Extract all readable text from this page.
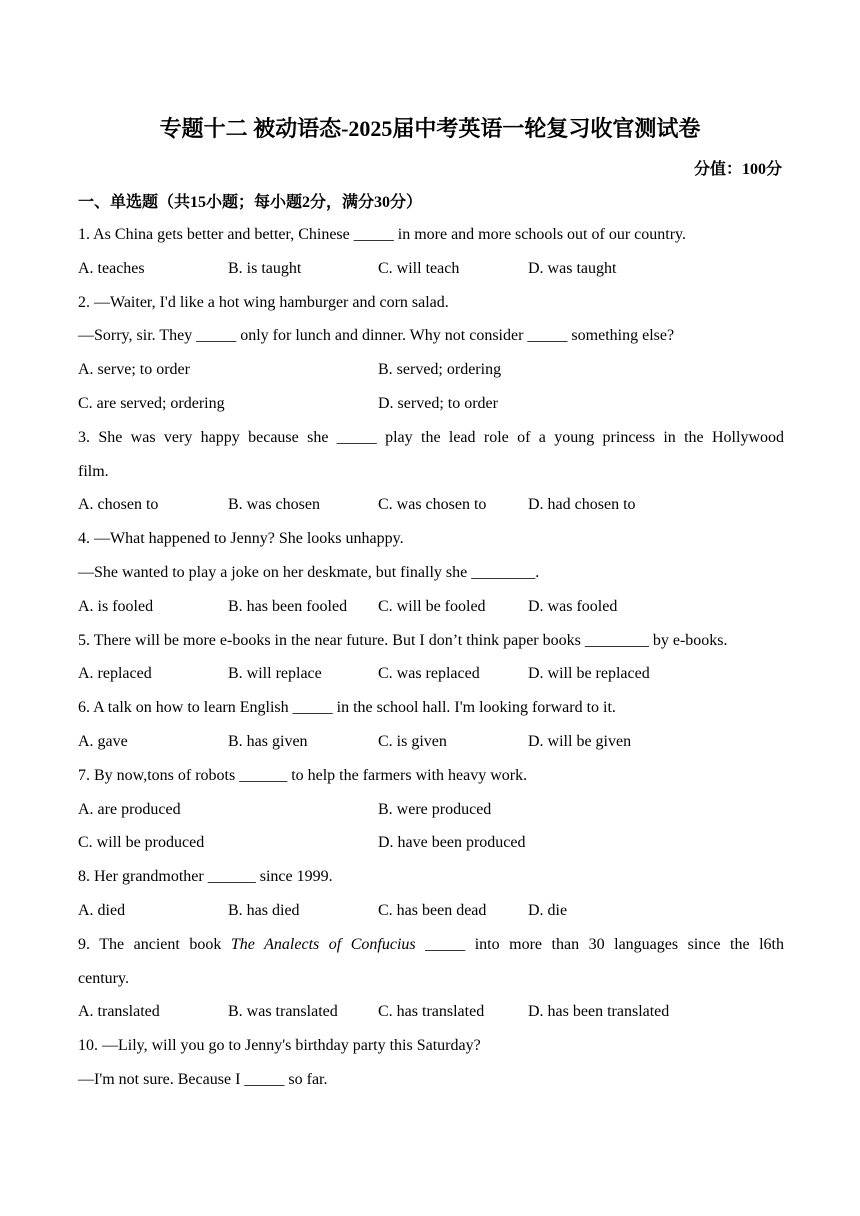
专题十二 被动语态-2025届中考英语一轮复习收官测试卷
分值：100分
一、单选题（共15小题；每小题2分，满分30分）
1. As China gets better and better, Chinese _____ in more and more schools out of our country.
A. teaches	B. is taught	C. will teach	D. was taught
2. —Waiter, I'd like a hot wing hamburger and corn salad.
—Sorry, sir. They _____ only for lunch and dinner. Why not consider _____ something else?
A. serve; to order	B. served; ordering
C. are served; ordering	D. served; to order
3. She was very happy because she _____ play the lead role of a young princess in the Hollywood
film.
A. chosen to	B. was chosen	C. was chosen to	D. had chosen to
4. —What happened to Jenny? She looks unhappy.
—She wanted to play a joke on her deskmate, but finally she ________.
A. is fooled	B. has been fooled	C. will be fooled	D. was fooled
5. There will be more e-books in the near future. But I don’t think paper books ________ by e-books.
A. replaced	B. will replace	C. was replaced	D. will be replaced
6. A talk on how to learn English _____ in the school hall. I'm looking forward to it.
A. gave	B. has given	C. is given	D. will be given
7. By now,tons of robots ______ to help the farmers with heavy work.
A. are produced	B. were produced
C. will be produced	D. have been produced
8. Her grandmother ______ since 1999.
A. died	B. has died	C. has been dead	D. die
9. The ancient book The Analects of Confucius _____ into more than 30 languages since the l6th
century.
A. translated	B. was translated	C. has translated	D. has been translated
10. —Lily, will you go to Jenny's birthday party this Saturday?
—I'm not sure. Because I _____ so far.
